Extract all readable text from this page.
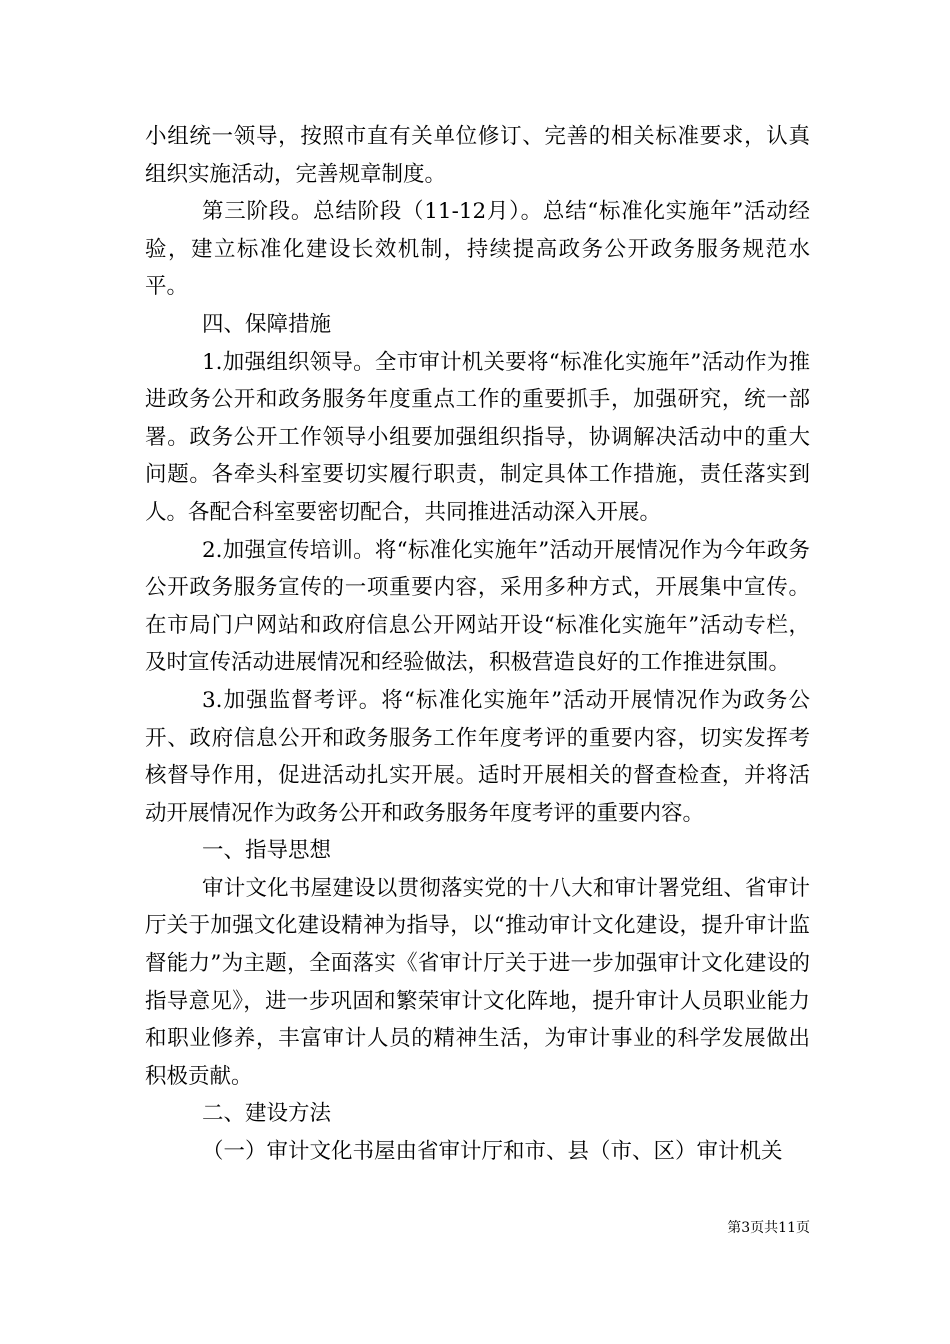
小组统一领导，按照市直有关单位修订、完善的相关标准要求，认真组织实施活动，完善规章制度。

第三阶段。总结阶段（11-12月）。总结“标准化实施年”活动经验，建立标准化建设长效机制，持续提高政务公开政务服务规范水平。

四、保障措施

1.加强组织领导。全市审计机关要将“标准化实施年”活动作为推进政务公开和政务服务年度重点工作的重要抓手，加强研究，统一部署。政务公开工作领导小组要加强组织指导，协调解决活动中的重大问题。各牵头科室要切实履行职责，制定具体工作措施，责任落实到人。各配合科室要密切配合，共同推进活动深入开展。

2.加强宣传培训。将“标准化实施年”活动开展情况作为今年政务公开政务服务宣传的一项重要内容，采用多种方式，开展集中宣传。在市局门户网站和政府信息公开网站开设“标准化实施年”活动专栏，及时宣传活动进展情况和经验做法，积极营造良好的工作推进氛围。

3.加强监督考评。将“标准化实施年”活动开展情况作为政务公开、政府信息公开和政务服务工作年度考评的重要内容，切实发挥考核督导作用，促进活动扎实开展。适时开展相关的督查检查，并将活动开展情况作为政务公开和政务服务年度考评的重要内容。

一、指导思想

审计文化书屋建设以贯彻落实党的十八大和审计署党组、省审计厅关于加强文化建设精神为指导，以“推动审计文化建设，提升审计监督能力”为主题，全面落实《省审计厅关于进一步加强审计文化建设的指导意见》，进一步巩固和繁荣审计文化阵地，提升审计人员职业能力和职业修养，丰富审计人员的精神生活，为审计事业的科学发展做出积极贡献。

二、建设方法

（一）审计文化书屋由省审计厅和市、县（市、区）审计机关

第3页共11页
